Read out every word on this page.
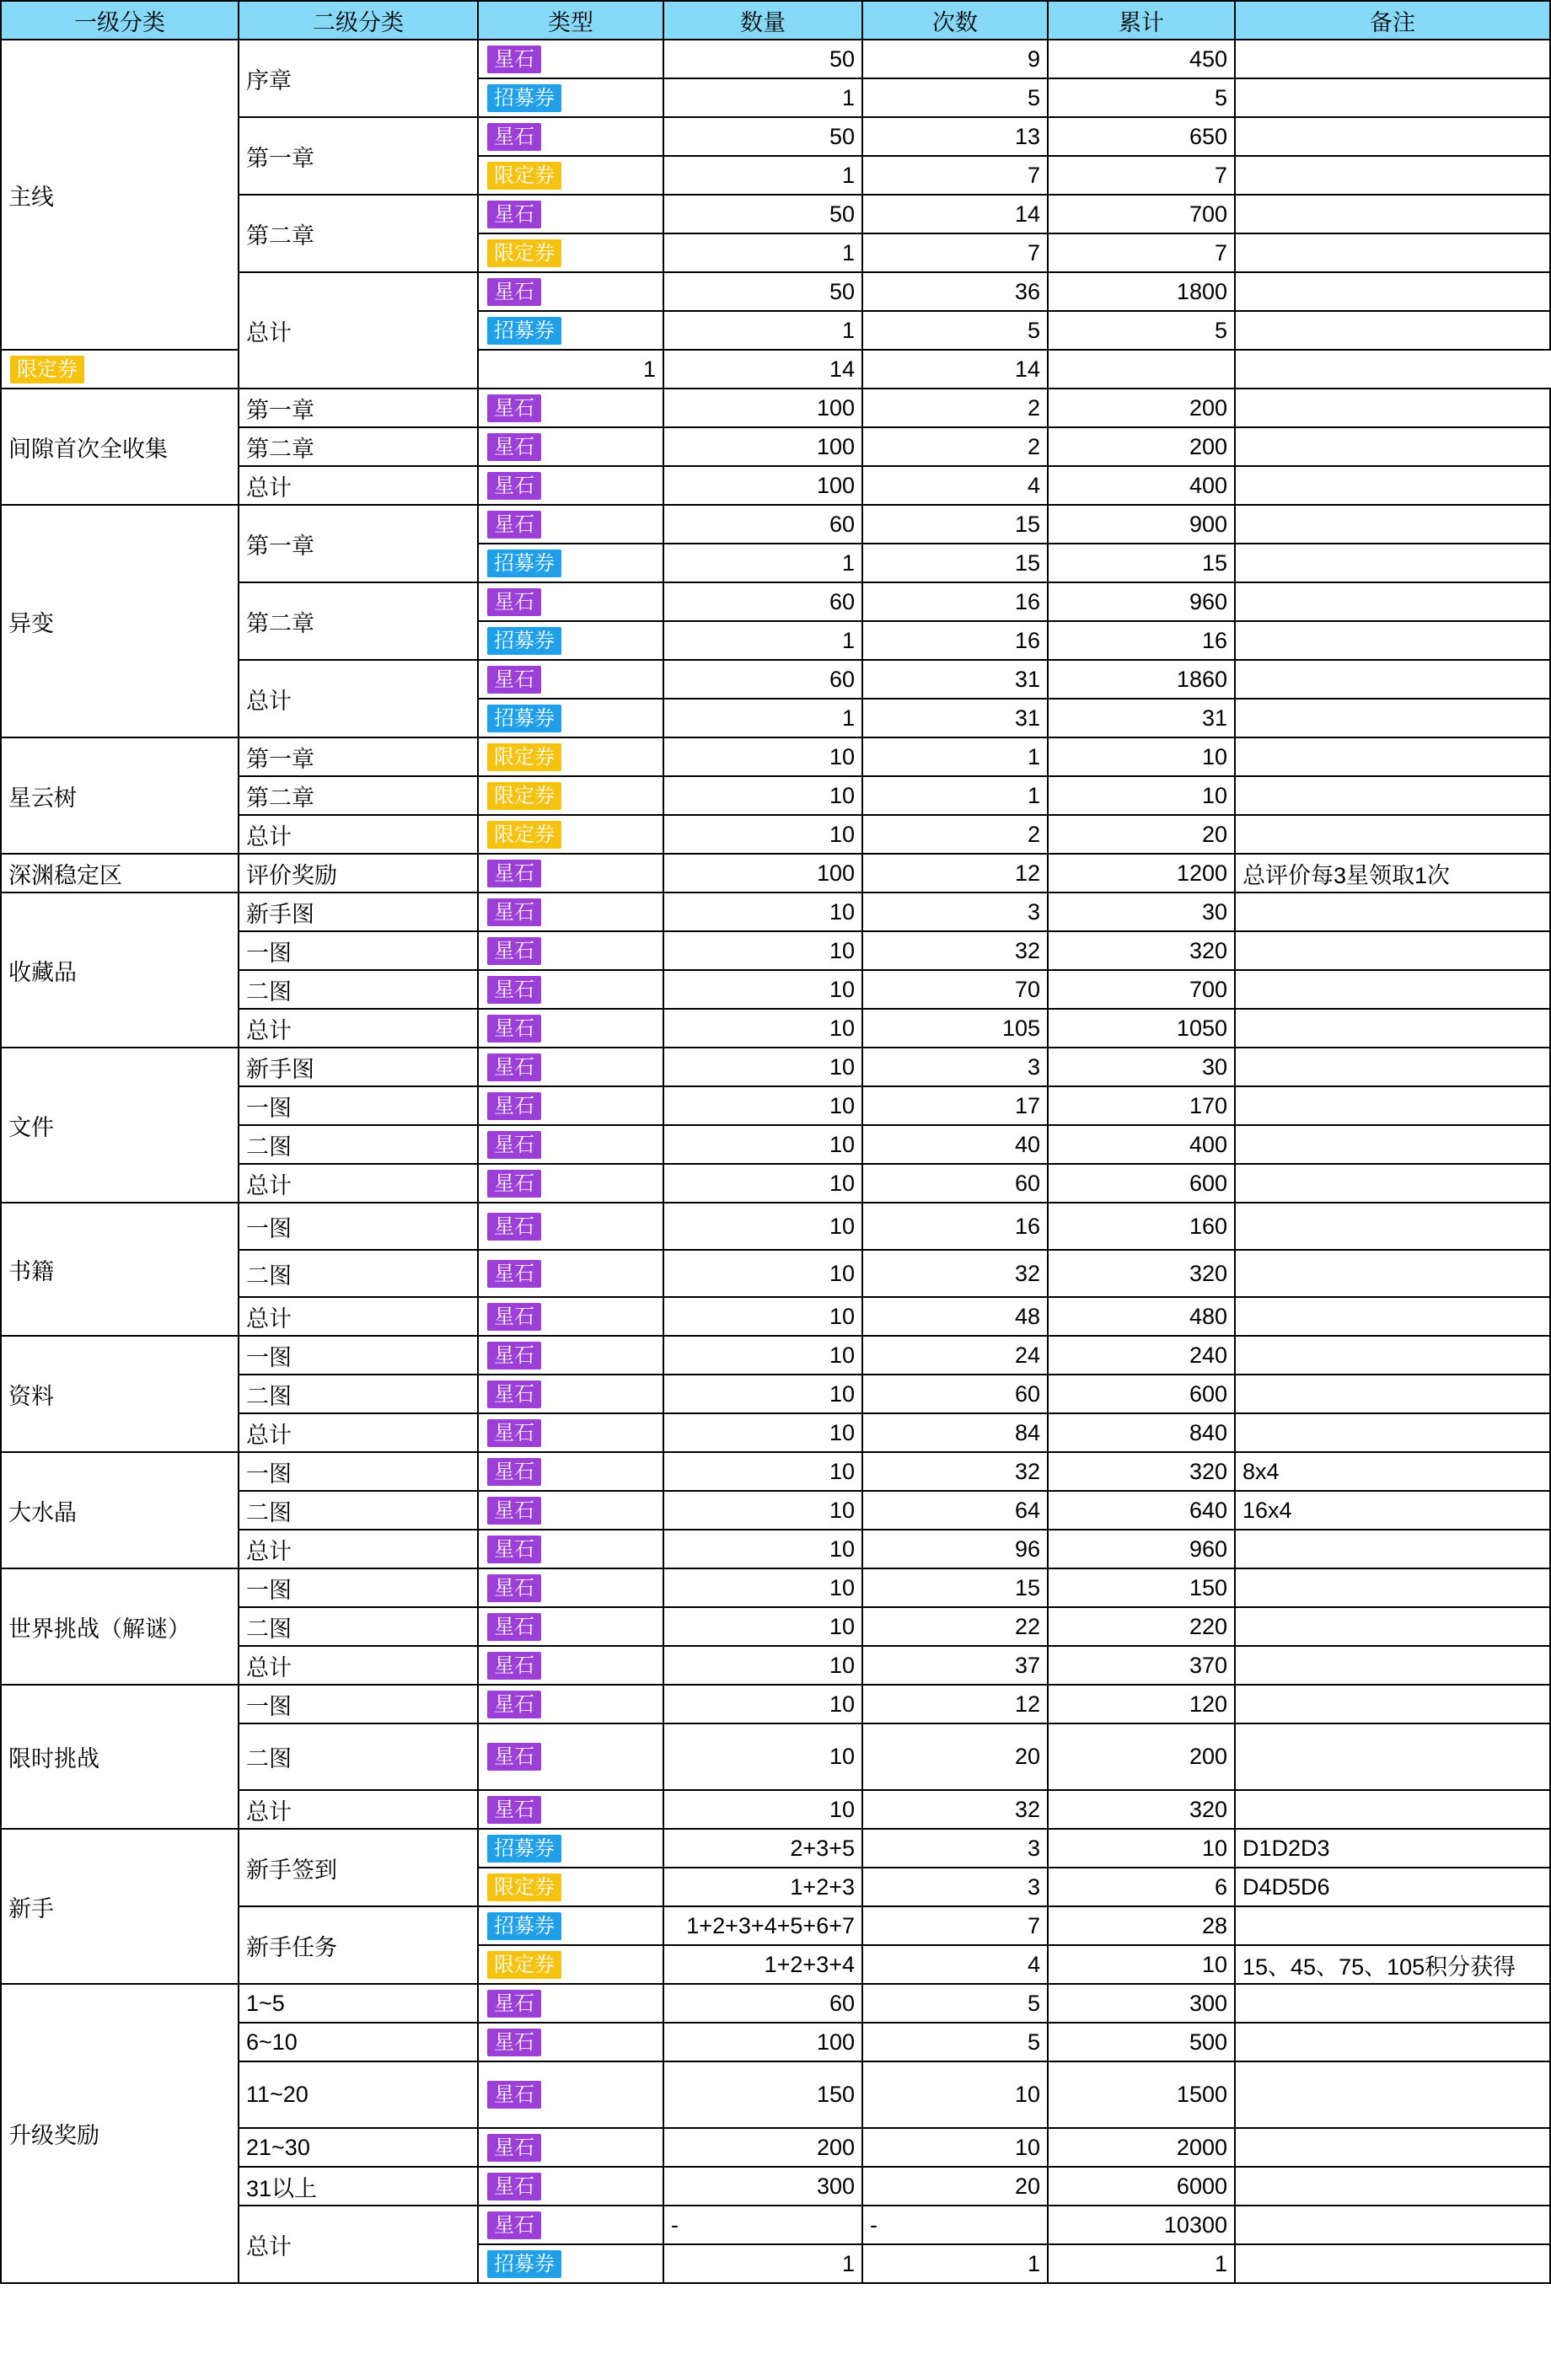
一级分类	二级分类	类型	数量	次数	累计	备注
主线	序章	星石	50	9	450	
		招募券	1	5	5	
	第一章	星石	50	13	650	
		限定券	1	7	7	
	第二章	星石	50	14	700	
		限定券	1	7	7	
	总计	星石	50	36	1800	
		招募券	1	5	5	
限定券		1	14	14		
间隙首次全收集	第一章	星石	100	2	200	
	第二章	星石	100	2	200	
	总计	星石	100	4	400	
异变	第一章	星石	60	15	900	
		招募券	1	15	15	
	第二章	星石	60	16	960	
		招募券	1	16	16	
	总计	星石	60	31	1860	
		招募券	1	31	31	
星云树	第一章	限定券	10	1	10	
	第二章	限定券	10	1	10	
	总计	限定券	10	2	20	
深渊稳定区	评价奖励	星石	100	12	1200	总评价每3星领取1次
收藏品	新手图	星石	10	3	30	
	一图	星石	10	32	320	
	二图	星石	10	70	700	
	总计	星石	10	105	1050	
文件	新手图	星石	10	3	30	
	一图	星石	10	17	170	
	二图	星石	10	40	400	
	总计	星石	10	60	600	
书籍	一图	星石	10	16	160	
	二图	星石	10	32	320	
	总计	星石	10	48	480	
资料	一图	星石	10	24	240	
	二图	星石	10	60	600	
	总计	星石	10	84	840	
大水晶	一图	星石	10	32	320	8x4
	二图	星石	10	64	640	16x4
	总计	星石	10	96	960	
世界挑战（解谜）	一图	星石	10	15	150	
	二图	星石	10	22	220	
	总计	星石	10	37	370	
限时挑战	一图	星石	10	12	120	
	二图	星石	10	20	200	
	总计	星石	10	32	320	
新手	新手签到	招募券	2+3+5	3	10	D1D2D3
		限定券	1+2+3	3	6	D4D5D6
	新手任务	招募券	1+2+3+4+5+6+7	7	28	
		限定券	1+2+3+4	4	10	15、45、75、105积分获得
升级奖励	1~5	星石	60	5	300	
	6~10	星石	100	5	500	
	11~20	星石	150	10	1500	
	21~30	星石	200	10	2000	
	31以上	星石	300	20	6000	
	总计	星石	-	-	10300	
		招募券	1	1	1	
